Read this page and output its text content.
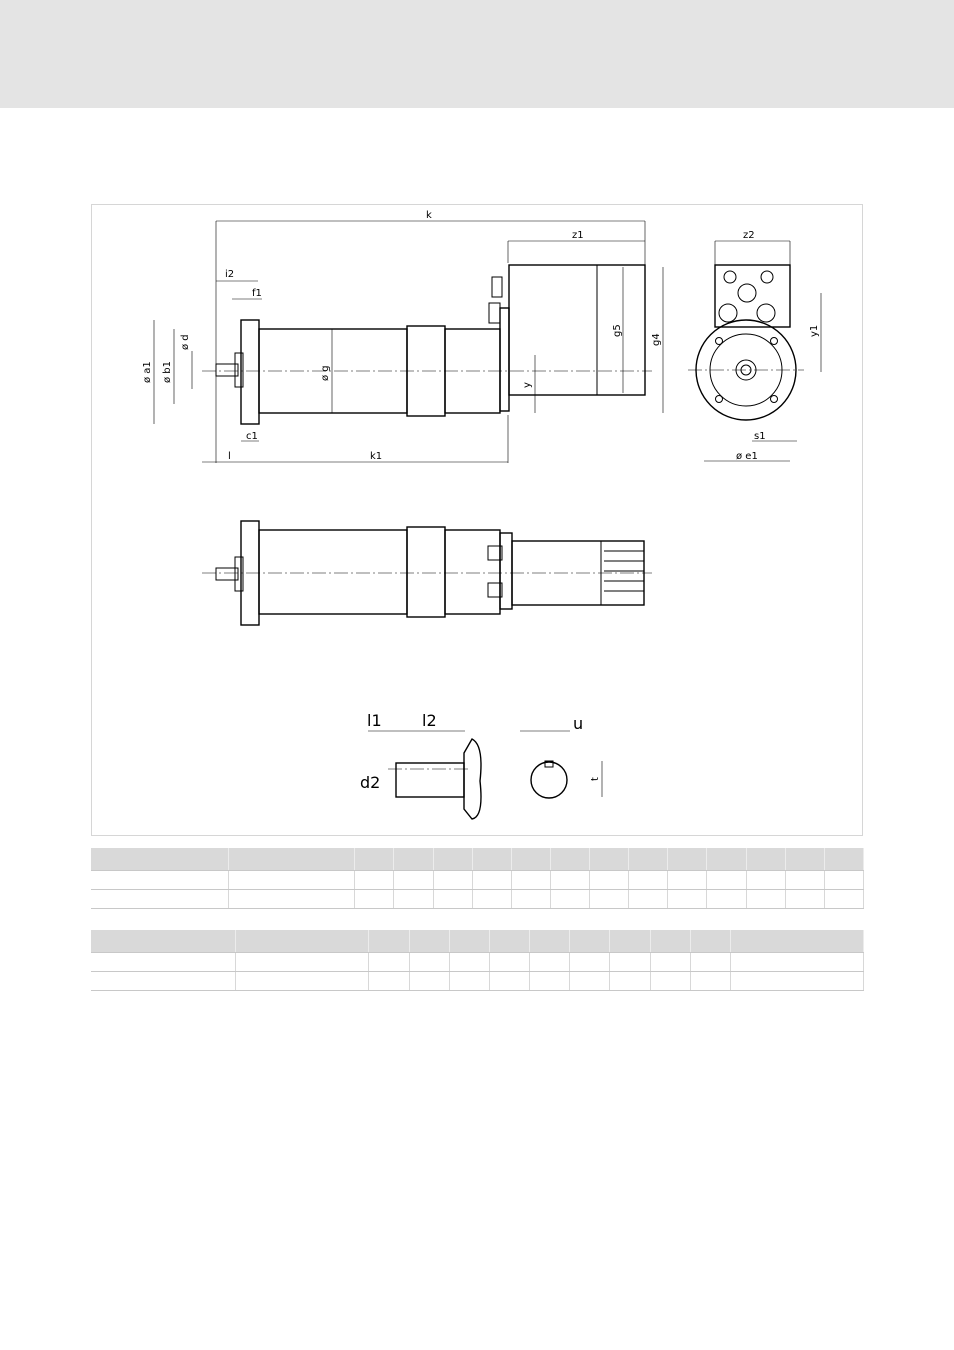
k
z1
i2
f1
ø a1 ø b1
ø d
ø g
g5
g4
y
c1
l	k1
z2
y1
s1
ø e1
l1	l2
d2
u
t
